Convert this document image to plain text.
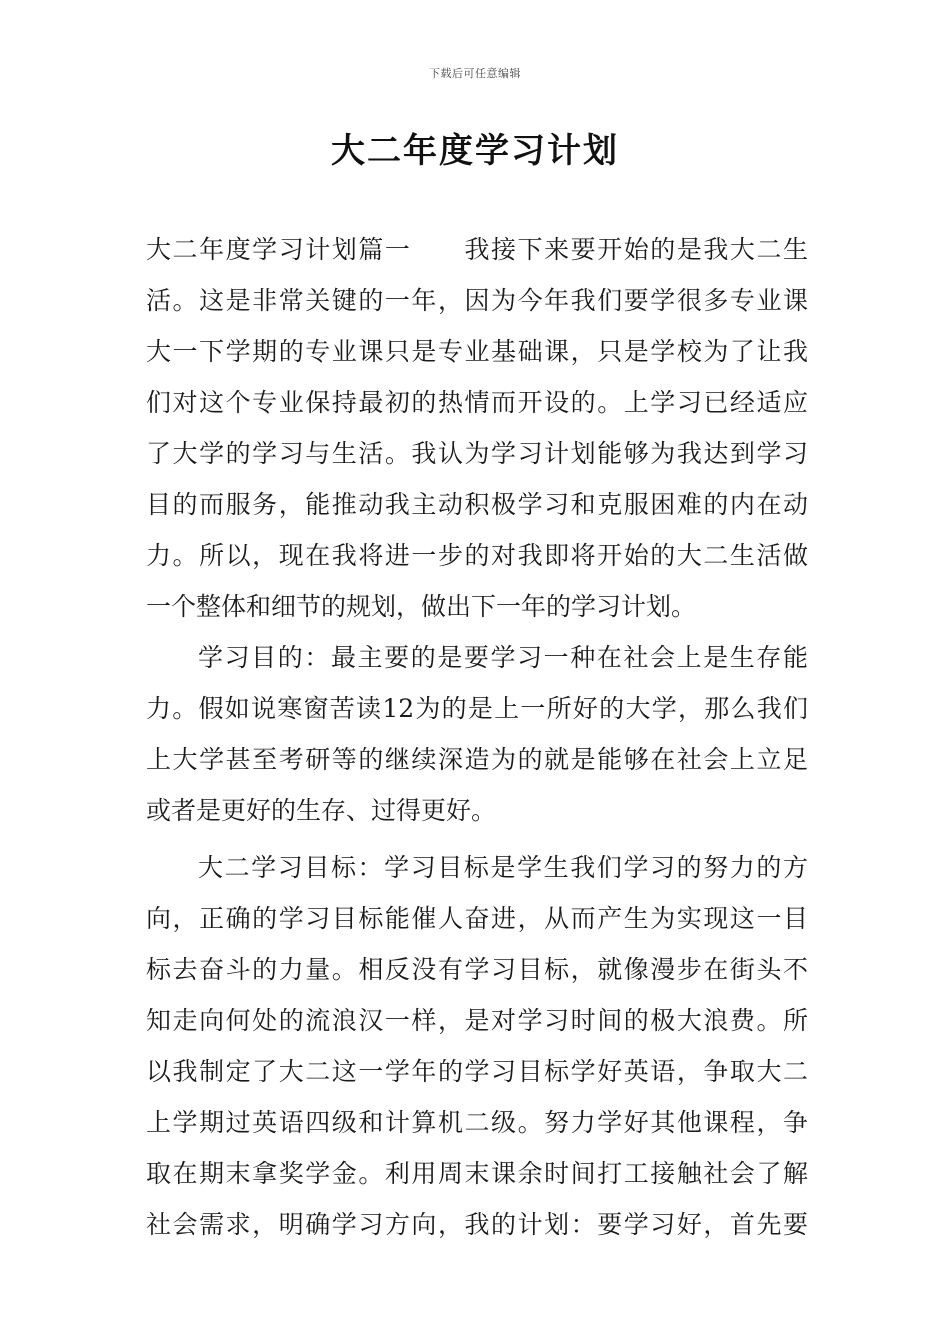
下载后可任意编辑
大二年度学习计划
大二年度学习计划篇一　　我接下来要开始的是我大二生
活。这是非常关键的一年，因为今年我们要学很多专业课
大一下学期的专业课只是专业基础课，只是学校为了让我
们对这个专业保持最初的热情而开设的。上学习已经适应
了大学的学习与生活。我认为学习计划能够为我达到学习
目的而服务，能推动我主动积极学习和克服困难的内在动
力。所以，现在我将进一步的对我即将开始的大二生活做
一个整体和细节的规划，做出下一年的学习计划。
学习目的：最主要的是要学习一种在社会上是生存能
力。假如说寒窗苦读12为的是上一所好的大学，那么我们
上大学甚至考研等的继续深造为的就是能够在社会上立足
或者是更好的生存、过得更好。
大二学习目标：学习目标是学生我们学习的努力的方
向，正确的学习目标能催人奋进，从而产生为实现这一目
标去奋斗的力量。相反没有学习目标，就像漫步在街头不
知走向何处的流浪汉一样，是对学习时间的极大浪费。所
以我制定了大二这一学年的学习目标学好英语，争取大二
上学期过英语四级和计算机二级。努力学好其他课程，争
取在期末拿奖学金。利用周末课余时间打工接触社会了解
社会需求，明确学习方向，我的计划：要学习好，首先要
